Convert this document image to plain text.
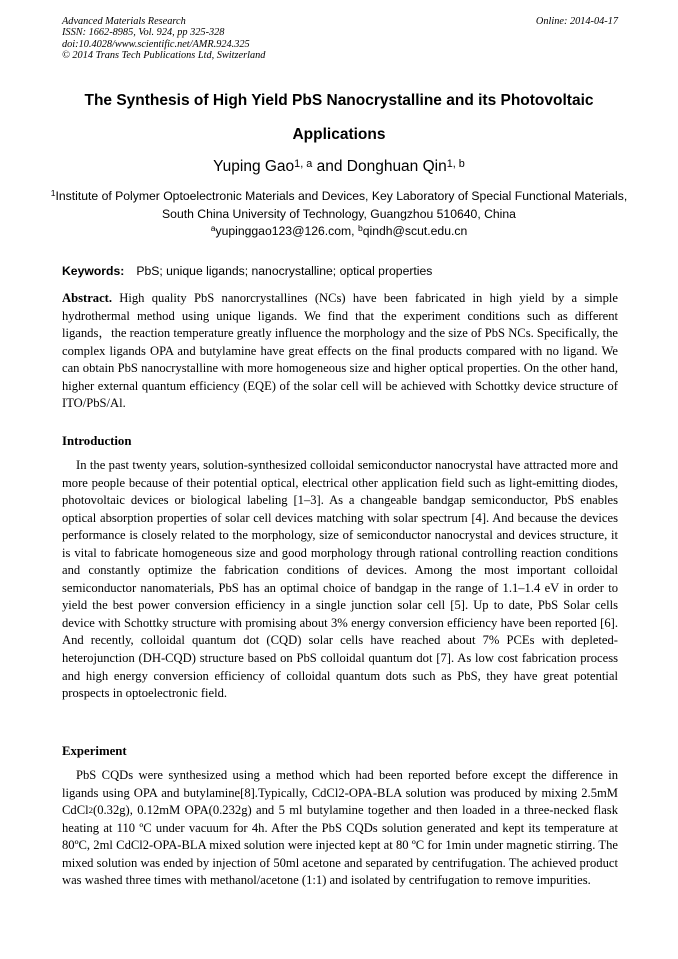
Advanced Materials Research
ISSN: 1662-8985, Vol. 924, pp 325-328
doi:10.4028/www.scientific.net/AMR.924.325
© 2014 Trans Tech Publications Ltd, Switzerland
Online: 2014-04-17
The Synthesis of High Yield PbS Nanocrystalline and its Photovoltaic
Applications
Yuping Gao$^{1, a}$ and Donghuan Qin$^{1, b}$
$^1$Institute of Polymer Optoelectronic Materials and Devices, Key Laboratory of Special Functional Materials, South China University of Technology, Guangzhou 510640, China
$^a$yupinggao123@126.com, $^b$qindh@scut.edu.cn
Keywords: PbS; unique ligands; nanocrystalline; optical properties
Abstract. High quality PbS nanorcrystallines (NCs) have been fabricated in high yield by a simple hydrothermal method using unique ligands. We find that the experiment conditions such as different ligands，the reaction temperature greatly influence the morphology and the size of PbS NCs. Specifically, the complex ligands OPA and butylamine have great effects on the final products compared with no ligand. We can obtain PbS nanocrystalline with more homogeneous size and higher optical properties. On the other hand, higher external quantum efficiency (EQE) of the solar cell will be achieved with Schottky device structure of ITO/PbS/Al.
Introduction
In the past twenty years, solution-synthesized colloidal semiconductor nanocrystal have attracted more and more people because of their potential optical, electrical other application field such as light-emitting diodes, photovoltaic devices or biological labeling [1–3]. As a changeable bandgap semiconductor, PbS enables optical absorption properties of solar cell devices matching with solar spectrum [4]. And because the devices performance is closely related to the morphology, size of semiconductor nanocrystal and devices structure, it is vital to fabricate homogeneous size and good morphology through rational controlling reaction conditions and constantly optimize the fabrication conditions of devices. Among the most important colloidal semiconductor nanomaterials, PbS has an optimal choice of bandgap in the range of 1.1–1.4 eV in order to yield the best power conversion efficiency in a single junction solar cell [5]. Up to date, PbS Solar cells device with Schottky structure with promising about 3% energy conversion efficiency have been reported [6]. And recently, colloidal quantum dot (CQD) solar cells have reached about 7% PCEs with depleted-heterojunction (DH-CQD) structure based on PbS colloidal quantum dot [7]. As low cost fabrication process and high energy conversion efficiency of colloidal quantum dots such as PbS, they have great potential prospects in optoelectronic field.
Experiment
PbS CQDs were synthesized using a method which had been reported before except the difference in ligands using OPA and butylamine[8].Typically, CdCl2-OPA-BLA solution was produced by mixing 2.5mM CdCl2(0.32g), 0.12mM OPA(0.232g) and 5 ml butylamine together and then loaded in a three-necked flask heating at 110 ºC under vacuum for 4h. After the PbS CQDs solution generated and kept its temperature at 80ºC, 2ml CdCl2-OPA-BLA mixed solution were injected kept at 80 ºC for 1min under magnetic stirring. The mixed solution was ended by injection of 50ml acetone and separated by centrifugation. The achieved product was washed three times with methanol/acetone (1:1) and isolated by centrifugation to remove impurities.
